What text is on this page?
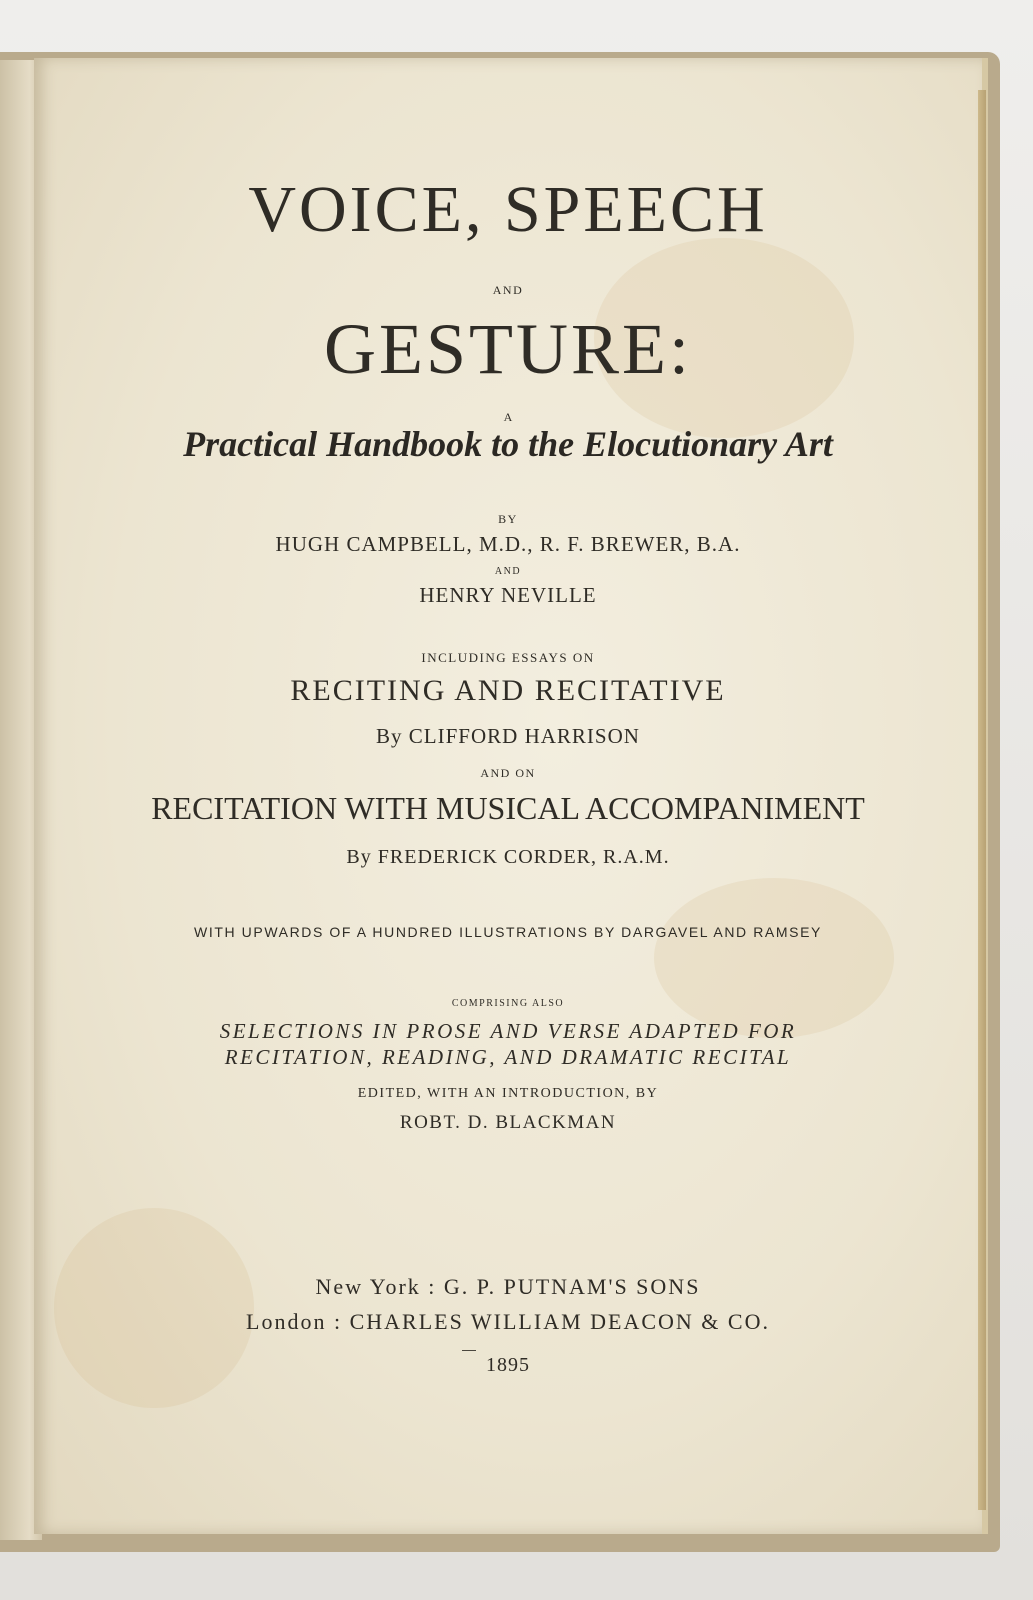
VOICE, SPEECH
AND
GESTURE:
A
Practical Handbook to the Elocutionary Art
BY
HUGH CAMPBELL, M.D., R. F. BREWER, B.A.
AND
HENRY NEVILLE
INCLUDING ESSAYS ON
RECITING AND RECITATIVE
By CLIFFORD HARRISON
AND ON
RECITATION WITH MUSICAL ACCOMPANIMENT
By FREDERICK CORDER, R.A.M.
WITH UPWARDS OF A HUNDRED ILLUSTRATIONS BY DARGAVEL AND RAMSEY
COMPRISING ALSO
SELECTIONS IN PROSE AND VERSE ADAPTED FOR
RECITATION, READING, AND DRAMATIC RECITAL
EDITED, WITH AN INTRODUCTION, BY
ROBT. D. BLACKMAN
New York : G. P. PUTNAM'S SONS
London : CHARLES WILLIAM DEACON & CO.
1895
